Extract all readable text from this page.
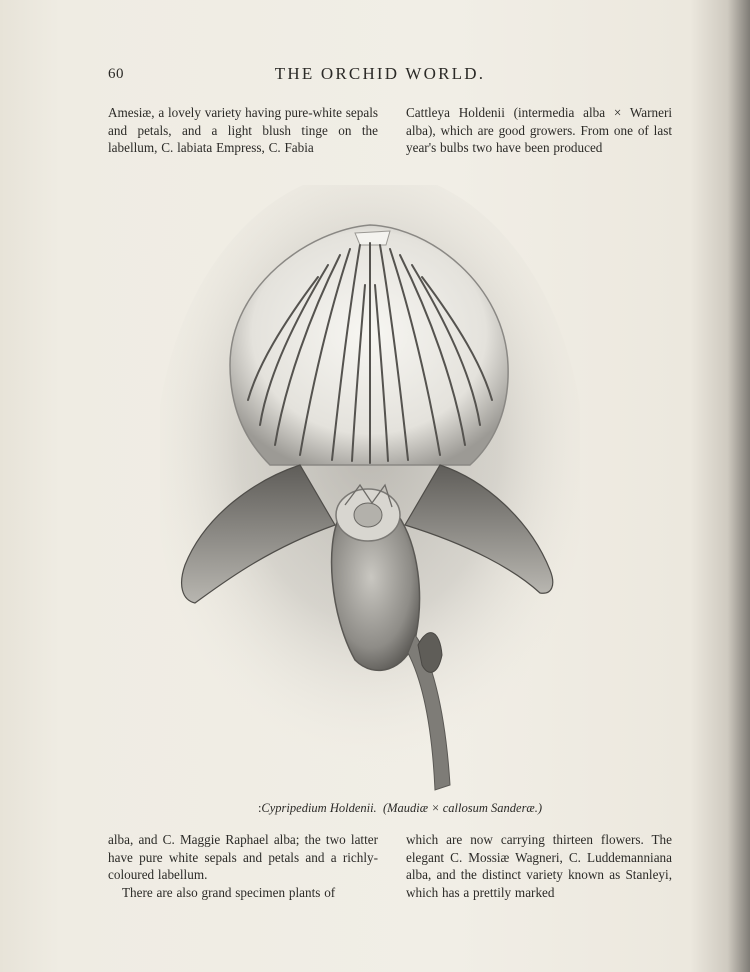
60	THE ORCHID WORLD.

Amesiæ, a lovely variety having pure-white sepals and petals, and a light blush tinge on the labellum, C. labiata Empress, C. Fabia

Cattleya Holdenii (intermedia alba × Warneri alba), which are good growers. From one of last year's bulbs two have been produced

:Cypripedium Holdenii. (Maudiæ × callosum Sanderæ.)

alba, and C. Maggie Raphael alba; the two latter have pure white sepals and petals and a richly-coloured labellum.

There are also grand specimen plants of

which are now carrying thirteen flowers. The elegant C. Mossiæ Wagneri, C. Luddemanniana alba, and the distinct variety known as Stanleyi, which has a prettily marked
